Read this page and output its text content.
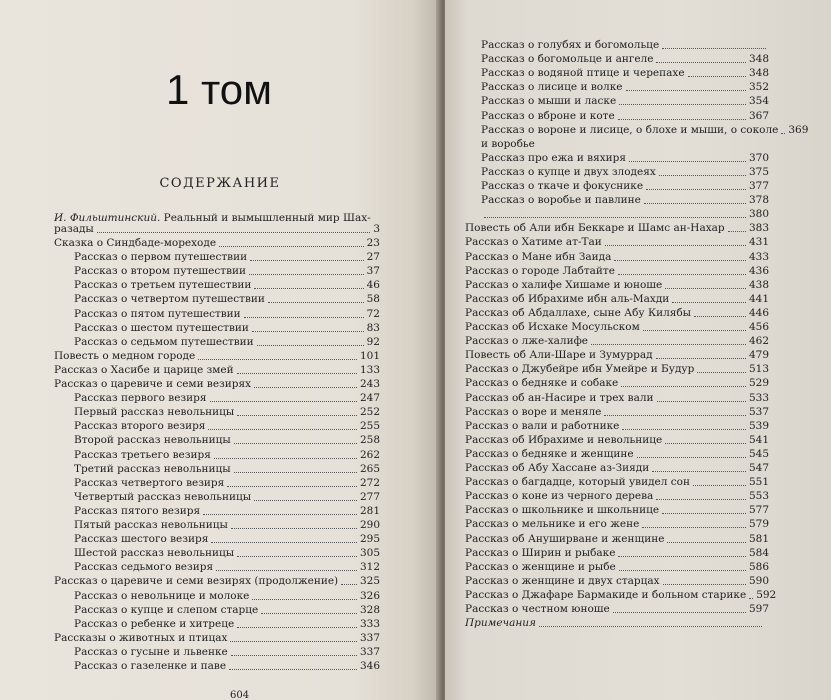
1 том
СОДЕРЖАНИЕ
И. Фильштинский. Реальный и вымышленный мир Шах-
разады	3
Сказка о Синдбаде-мореходе	23
Рассказ о первом путешествии	27
Рассказ о втором путешествии	37
Рассказ о третьем путешествии	46
Рассказ о четвертом путешествии	58
Рассказ о пятом путешествии	72
Рассказ о шестом путешествии	83
Рассказ о седьмом путешествии	92
Повесть о медном городе	101
Рассказ о Хасибе и царице змей	133
Рассказ о царевиче и семи везирях	243
Рассказ первого везиря	247
Первый рассказ невольницы	252
Рассказ второго везиря	255
Второй рассказ невольницы	258
Рассказ третьего везиря	262
Третий рассказ невольницы	265
Рассказ четвертого везиря	272
Четвертый рассказ невольницы	277
Рассказ пятого везиря	281
Пятый рассказ невольницы	290
Рассказ шестого везиря	295
Шестой рассказ невольницы	305
Рассказ седьмого везиря	312
Рассказ о царевиче и семи везирях (продолжение) 325
Рассказ о невольнице и молоке	326
Рассказ о купце и слепом старце	328
Рассказ о ребенке и хитреце	333
Рассказы о животных и птицах	337
Рассказ о гусыне и львенке	337
Рассказ о газеленке и паве	346
604
Рассказ о голубях и богомольце
Рассказ о богомольце и ангеле	348
Рассказ о водяной птице и черепахе	348
Рассказ о лисице и волке	352
Рассказ о мыши и ласке	354
Рассказ о вброне и коте	367
Рассказ о вороне и лисице, о блохе и мыши, о соколе 369
и воробье
Рассказ про ежа и вяхиря	370
Рассказ о купце и двух злодеях	375
Рассказ о ткаче и фокуснике	377
Рассказ о воробье и павлине	378
380
Повесть об Али ибн Беккаре и Шамс ан-Нахар 383
Рассказ о Хатиме ат-Таи	431
Рассказ о Мане ибн Заида	433
Рассказ о городе Лабтайте	436
Рассказ о халифе Хишаме и юноше	438
Рассказ об Ибрахиме ибн аль-Махди	441
Рассказ об Абдаллахе, сыне Абу Килябы	446
Рассказ об Исхаке Мосульском	456
Рассказ о лже-халифе	462
Повесть об Али-Шаре и Зумуррад	479
Рассказ о Джубейре ибн Умейре и Будур	513
Рассказ о бедняке и собаке	529
Рассказ об ан-Насире и трех вали	533
Рассказ о воре и меняле	537
Рассказ о вали и работнике	539
Рассказ об Ибрахиме и невольнице	541
Рассказ о бедняке и женщине	545
Рассказ об Абу Хассане аз-Зияди	547
Рассказ о багдадце, который увидел сон	551
Рассказ о коне из черного дерева	553
Рассказ о школьнике и школьнице	577
Рассказ о мельнике и его жене	579
Рассказ об Ануширване и женщине	581
Рассказ о Ширин и рыбаке	584
Рассказ о женщине и рыбе	586
Рассказ о женщине и двух старцах	590
Рассказ о Джафаре Бармакиде и больном старике 592
Рассказ о честном юноше	597
Примечания
